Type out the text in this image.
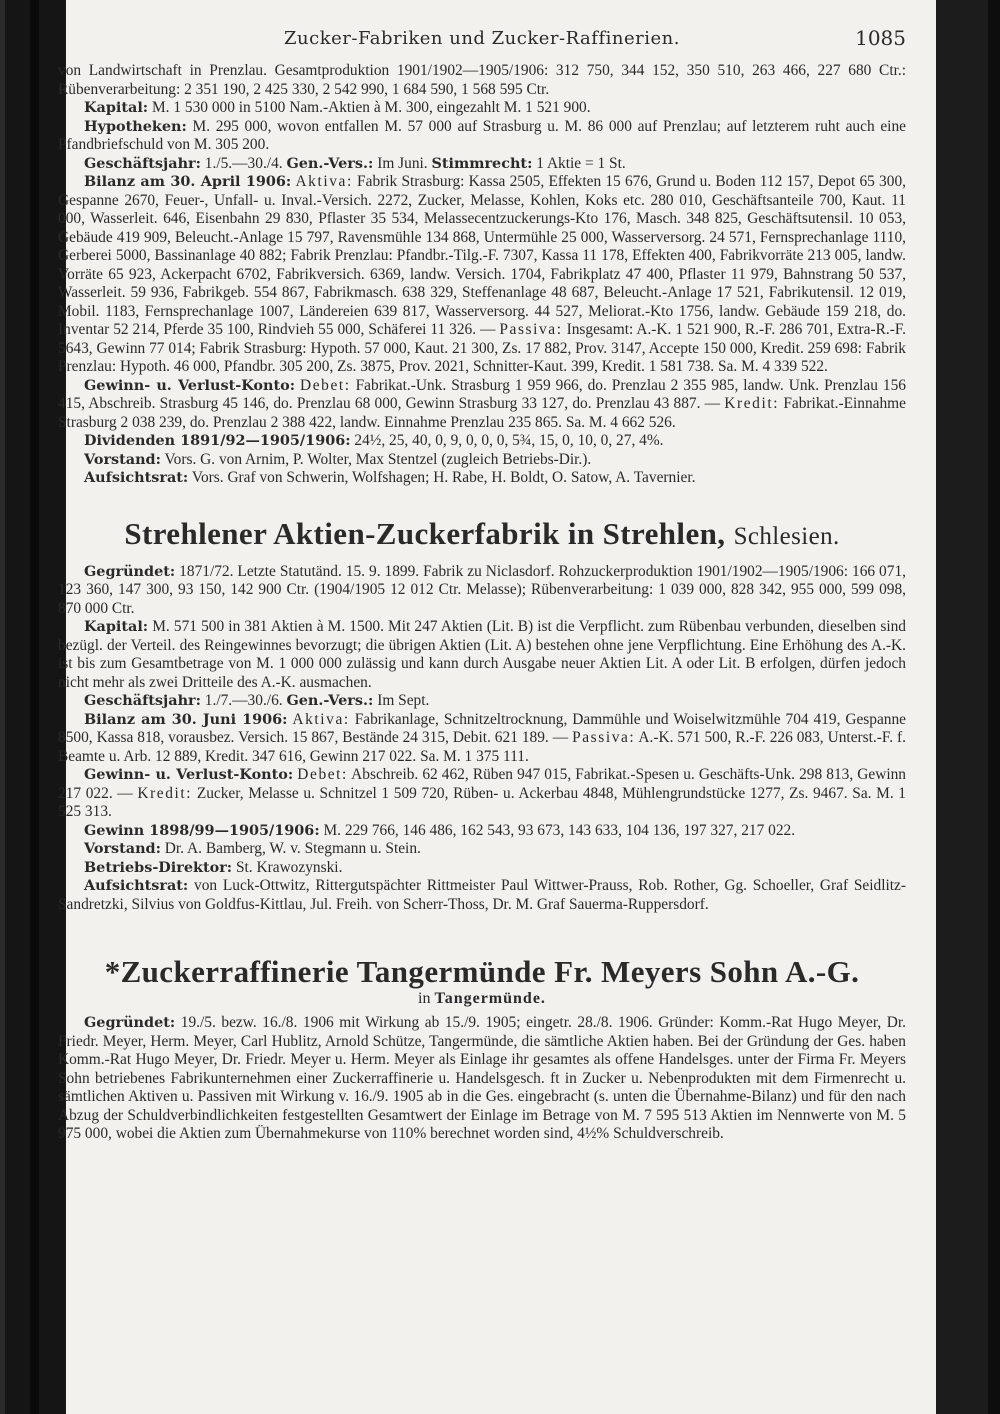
Zucker-Fabriken und Zucker-Raffinerien.	1085

von Landwirtschaft in Prenzlau. Gesamtproduktion 1901/1902—1905/1906: 312 750, 344 152, 350 510, 263 466, 227 680 Ctr.: Rübenverarbeitung: 2 351 190, 2 425 330, 2 542 990, 1 684 590, 1 568 595 Ctr.

Kapital: M. 1 530 000 in 5100 Nam.-Aktien à M. 300, eingezahlt M. 1 521 900.

Hypotheken: M. 295 000, wovon entfallen M. 57 000 auf Strasburg u. M. 86 000 auf Prenzlau; auf letzterem ruht auch eine Pfandbriefschuld von M. 305 200.

Geschäftsjahr: 1./5.—30./4. Gen.-Vers.: Im Juni. Stimmrecht: 1 Aktie = 1 St.

Bilanz am 30. April 1906: Aktiva: Fabrik Strasburg: Kassa 2505, Effekten 15 676, Grund u. Boden 112 157, Depot 65 300, Gespanne 2670, Feuer-, Unfall- u. Inval.-Versich. 2272, Zucker, Melasse, Kohlen, Koks etc. 280 010, Geschäftsanteile 700, Kaut. 11 000, Wasserleit. 646, Eisenbahn 29 830, Pflaster 35 534, Melassecentzuckerungs-Kto 176, Masch. 348 825, Geschäftsutensil. 10 053, Gebäude 419 909, Beleucht.-Anlage 15 797, Ravensmühle 134 868, Untermühle 25 000, Wasserversorg. 24 571, Fernsprechanlage 1110, Gerberei 5000, Bassinanlage 40 882; Fabrik Prenzlau: Pfandbr.-Tilg.-F. 7307, Kassa 11 178, Effekten 400, Fabrikvorräte 213 005, landw. Vorräte 65 923, Ackerpacht 6702, Fabrikversich. 6369, landw. Versich. 1704, Fabrikplatz 47 400, Pflaster 11 979, Bahnstrang 50 537, Wasserleit. 59 936, Fabrikgeb. 554 867, Fabrikmasch. 638 329, Steffenanlage 48 687, Beleucht.-Anlage 17 521, Fabrikutensil. 12 019, Mobil. 1183, Fernsprechanlage 1007, Ländereien 639 817, Wasserversorg. 44 527, Meliorat.-Kto 1756, landw. Gebäude 159 218, do. Inventar 52 214, Pferde 35 100, Rindvieh 55 000, Schäferei 11 326. — Passiva: Insgesamt: A.-K. 1 521 900, R.-F. 286 701, Extra-R.-F. 5643, Gewinn 77 014; Fabrik Strasburg: Hypoth. 57 000, Kaut. 21 300, Zs. 17 882, Prov. 3147, Accepte 150 000, Kredit. 259 698: Fabrik Prenzlau: Hypoth. 46 000, Pfandbr. 305 200, Zs. 3875, Prov. 2021, Schnitter-Kaut. 399, Kredit. 1 581 738. Sa. M. 4 339 522.

Gewinn- u. Verlust-Konto: Debet: Fabrikat.-Unk. Strasburg 1 959 966, do. Prenzlau 2 355 985, landw. Unk. Prenzlau 156 415, Abschreib. Strasburg 45 146, do. Prenzlau 68 000, Gewinn Strasburg 33 127, do. Prenzlau 43 887. — Kredit: Fabrikat.-Einnahme Strasburg 2 038 239, do. Prenzlau 2 388 422, landw. Einnahme Prenzlau 235 865. Sa. M. 4 662 526.

Dividenden 1891/92—1905/1906: 24½, 25, 40, 0, 9, 0, 0, 0, 5¾, 15, 0, 10, 0, 27, 4%.

Vorstand: Vors. G. von Arnim, P. Wolter, Max Stentzel (zugleich Betriebs-Dir.).

Aufsichtsrat: Vors. Graf von Schwerin, Wolfshagen; H. Rabe, H. Boldt, O. Satow, A. Tavernier.

Strehlener Aktien-Zuckerfabrik in Strehlen, Schlesien.

Gegründet: 1871/72. Letzte Statutänd. 15. 9. 1899. Fabrik zu Niclasdorf. Rohzuckerproduktion 1901/1902—1905/1906: 166 071, 123 360, 147 300, 93 150, 142 900 Ctr. (1904/1905 12 012 Ctr. Melasse); Rübenverarbeitung: 1 039 000, 828 342, 955 000, 599 098, 870 000 Ctr.

Kapital: M. 571 500 in 381 Aktien à M. 1500. Mit 247 Aktien (Lit. B) ist die Verpflicht. zum Rübenbau verbunden, dieselben sind bezügl. der Verteil. des Reingewinnes bevorzugt; die übrigen Aktien (Lit. A) bestehen ohne jene Verpflichtung. Eine Erhöhung des A.-K. ist bis zum Gesamtbetrage von M. 1 000 000 zulässig und kann durch Ausgabe neuer Aktien Lit. A oder Lit. B erfolgen, dürfen jedoch nicht mehr als zwei Dritteile des A.-K. ausmachen.

Geschäftsjahr: 1./7.—30./6. Gen.-Vers.: Im Sept.

Bilanz am 30. Juni 1906: Aktiva: Fabrikanlage, Schnitzeltrocknung, Dammühle und Woiselwitzmühle 704 419, Gespanne 8500, Kassa 818, vorausbez. Versich. 15 867, Bestände 24 315, Debit. 621 189. — Passiva: A.-K. 571 500, R.-F. 226 083, Unterst.-F. f. Beamte u. Arb. 12 889, Kredit. 347 616, Gewinn 217 022. Sa. M. 1 375 111.

Gewinn- u. Verlust-Konto: Debet: Abschreib. 62 462, Rüben 947 015, Fabrikat.-Spesen u. Geschäfts-Unk. 298 813, Gewinn 217 022. — Kredit: Zucker, Melasse u. Schnitzel 1 509 720, Rüben- u. Ackerbau 4848, Mühlengrundstücke 1277, Zs. 9467. Sa. M. 1 525 313.

Gewinn 1898/99—1905/1906: M. 229 766, 146 486, 162 543, 93 673, 143 633, 104 136, 197 327, 217 022.

Vorstand: Dr. A. Bamberg, W. v. Stegmann u. Stein.

Betriebs-Direktor: St. Krawozynski.

Aufsichtsrat: von Luck-Ottwitz, Rittergutspächter Rittmeister Paul Wittwer-Prauss, Rob. Rother, Gg. Schoeller, Graf Seidlitz-Sandretzki, Silvius von Goldfus-Kittlau, Jul. Freih. von Scherr-Thoss, Dr. M. Graf Sauerma-Ruppersdorf.

*Zuckerraffinerie Tangermünde Fr. Meyers Sohn A.-G.
in Tangermünde.

Gegründet: 19./5. bezw. 16./8. 1906 mit Wirkung ab 15./9. 1905; eingetr. 28./8. 1906. Gründer: Komm.-Rat Hugo Meyer, Dr. Friedr. Meyer, Herm. Meyer, Carl Hublitz, Arnold Schütze, Tangermünde, die sämtliche Aktien haben. Bei der Gründung der Ges. haben Komm.-Rat Hugo Meyer, Dr. Friedr. Meyer u. Herm. Meyer als Einlage ihr gesamtes als offene Handelsges. unter der Firma Fr. Meyers Sohn betriebenes Fabrikunternehmen einer Zuckerraffinerie u. Handelsgesch. ft in Zucker u. Nebenprodukten mit dem Firmenrecht u. sämtlichen Aktiven u. Passiven mit Wirkung v. 16./9. 1905 ab in die Ges. eingebracht (s. unten die Übernahme-Bilanz) und für den nach Abzug der Schuldverbindlichkeiten festgestellten Gesamtwert der Einlage im Betrage von M. 7 595 513 Aktien im Nennwerte von M. 5 975 000, wobei die Aktien zum Übernahmekurse von 110% berechnet worden sind, 4½% Schuldverschreib.
